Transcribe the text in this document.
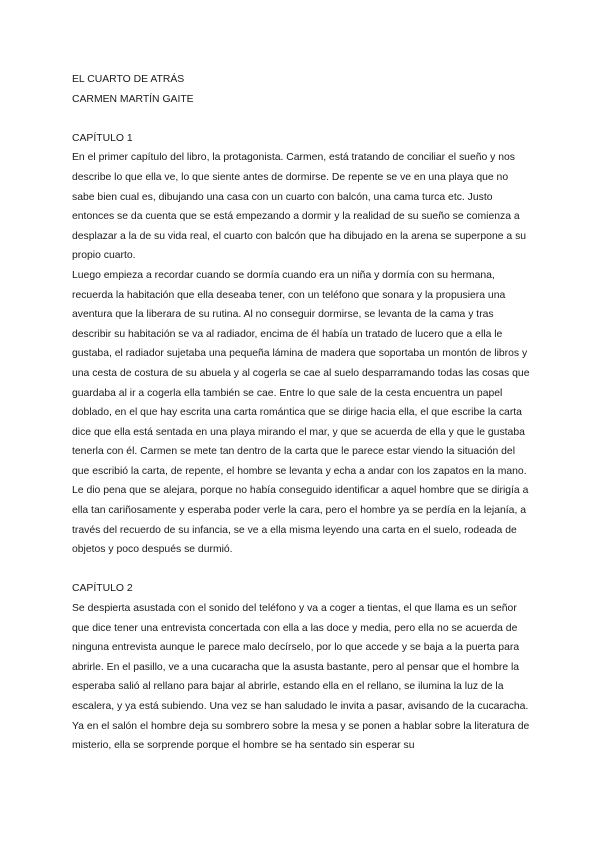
EL CUARTO DE ATRÁS
CARMEN MARTÍN GAITE
CAPÍTULO 1

En el primer capítulo del libro, la protagonista. Carmen, está tratando de conciliar el sueño y nos describe lo que ella ve, lo que siente antes de dormirse. De repente se ve en una playa que no sabe bien cual es, dibujando una casa con un cuarto con balcón, una cama turca etc. Justo entonces se da cuenta que se está empezando a dormir y la realidad de su sueño se comienza a desplazar a la de su vida real, el cuarto con balcón que ha dibujado en la arena se superpone a su propio cuarto.

Luego empieza a recordar cuando se dormía cuando era un niña y dormía con su hermana, recuerda la habitación que ella deseaba tener, con un teléfono que sonara y la propusiera una aventura que la liberara de su rutina. Al no conseguir dormirse, se levanta de la cama y tras describir su habitación se va al radiador, encima de él había un tratado de lucero que a ella le gustaba, el radiador sujetaba una pequeña lámina de madera que soportaba un montón de libros y una cesta de costura de su abuela y al cogerla se cae al suelo desparramando todas las cosas que guardaba al ir a cogerla ella también se cae. Entre lo que sale de la cesta encuentra un papel doblado, en el que hay escrita una carta romántica que se dirige hacia ella, el que escribe la carta dice que ella está sentada en una playa mirando el mar, y que se acuerda de ella y que le gustaba tenerla con él. Carmen se mete tan dentro de la carta que le parece estar viendo la situación del que escribió la carta, de repente, el hombre se levanta y echa a andar con los zapatos en la mano.

Le dio pena que se alejara, porque no había conseguido identificar a aquel hombre que se dirigía a ella tan cariñosamente y esperaba poder verle la cara, pero el hombre ya se perdía en la lejanía, a través del recuerdo de su infancia, se ve a ella misma leyendo una carta en el suelo, rodeada de objetos y poco después se durmió.

CAPÍTULO 2

Se despierta asustada con el sonido del teléfono y va a coger a tientas, el que llama es un señor que dice tener una entrevista concertada con ella a las doce y media, pero ella no se acuerda de ninguna entrevista aunque le parece malo decírselo, por lo que accede y se baja a la puerta para abrirle. En el pasillo, ve a una cucaracha que la asusta bastante, pero al pensar que el hombre la esperaba salió al rellano para bajar al abrirle, estando ella en el rellano, se ilumina la luz de la escalera, y ya está subiendo. Una vez se han saludado le invita a pasar, avisando de la cucaracha.

Ya en el salón el hombre deja su sombrero sobre la mesa y se ponen a hablar sobre la literatura de misterio, ella se sorprende porque el hombre se ha sentado sin esperar su
